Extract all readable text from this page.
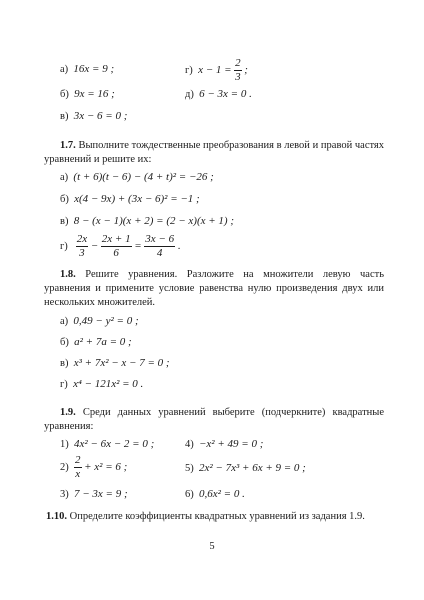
а) 16x = 9 ;	г) $x - 1 = \frac{2}{3}$ ;
б) 9x = 16 ;	д) 6 − 3x = 0 .
в) 3x − 6 = 0 ;
1.7. Выполните тождественные преобразования в левой и правой частях уравнений и решите их:
а) (t + 6)(t − 6) − (4 + t)² = −26 ;
б) x(4 − 9x) + (3x − 6)² = −1 ;
в) 8 − (x − 1)(x + 2) = (2 − x)(x + 1) ;
$г) \frac{2x}{3} - \frac{2x + 1}{6} = \frac{3x - 6}{4}$ .
1.8. Решите уравнения. Разложите на множители левую часть уравнения и примените условие равенства нулю произведения двух или нескольких множителей.
а) 0,49 − y² = 0 ;
б) a² + 7a = 0 ;
в) x³ + 7x² − x − 7 = 0 ;
г) x⁴ − 121x² = 0 .
1.9. Среди данных уравнений выберите (подчеркните) квадратные уравнения:
1) 4x² − 6x − 2 = 0 ;	4) −x² + 49 = 0 ;
$2) \frac{2}{x} + x^2 = 6$ ;	5) 2x² − 7x³ + 6x + 9 = 0 ;
3) 7 − 3x = 9 ;	6) 0,6x² = 0 .
1.10. Определите коэффициенты квадратных уравнений из задания 1.9.
5
